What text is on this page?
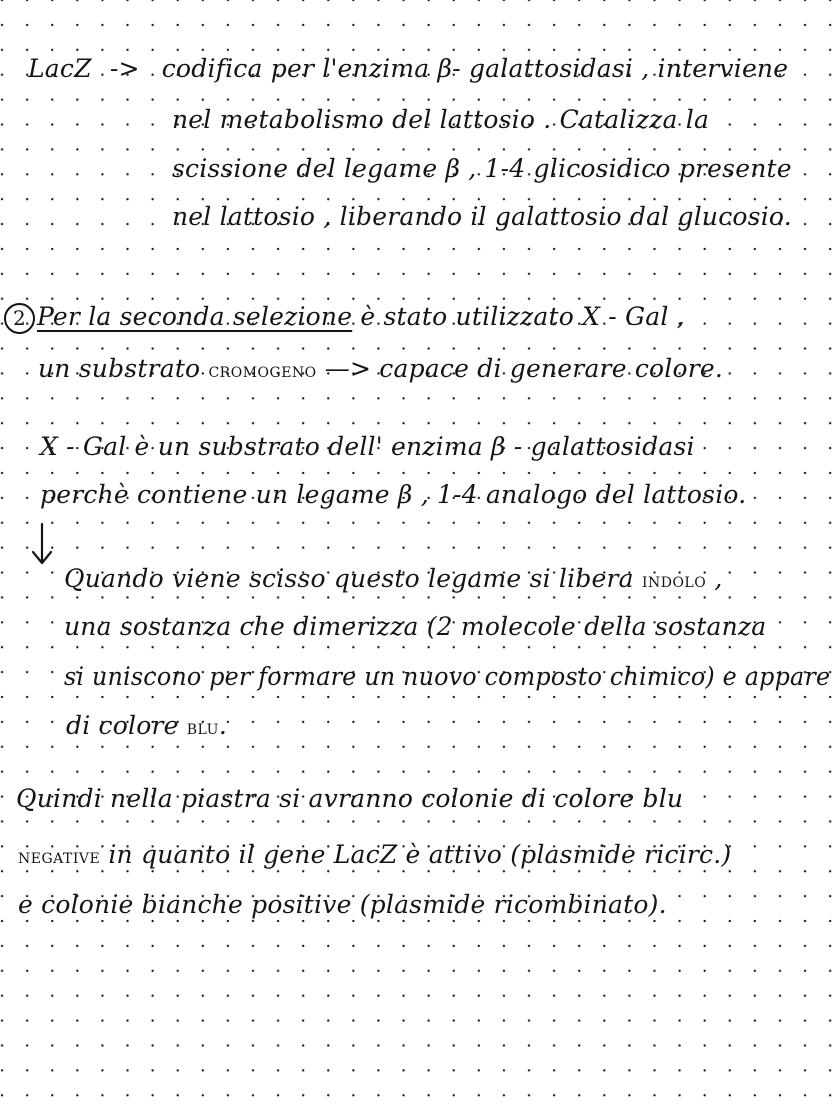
LacZ -> codifica per l'enzima β- galattosidasi , interviene
nel metabolismo del lattosio . Catalizza la
scissione del legame β , 1-4 glicosidico presente
nel lattosio , liberando il galattosio dal glucosio.
2 Per la seconda selezione è stato utilizzato X - Gal ,
un substrato cromogeno —> capace di generare colore.
X - Gal è un substrato dell' enzima β - galattosidasi
perchè contiene un legame β , 1-4 analogo del lattosio.
Quando viene scisso questo legame si libera indolo ,
una sostanza che dimerizza (2 molecole della sostanza
si uniscono per formare un nuovo composto chimico) e appare
di colore blu.
Quindi nella piastra si avranno colonie di colore blu
negative in quanto il gene LacZ è attivo (plasmide ricirc.)
e colonie bianche positive (plasmide ricombinato).
